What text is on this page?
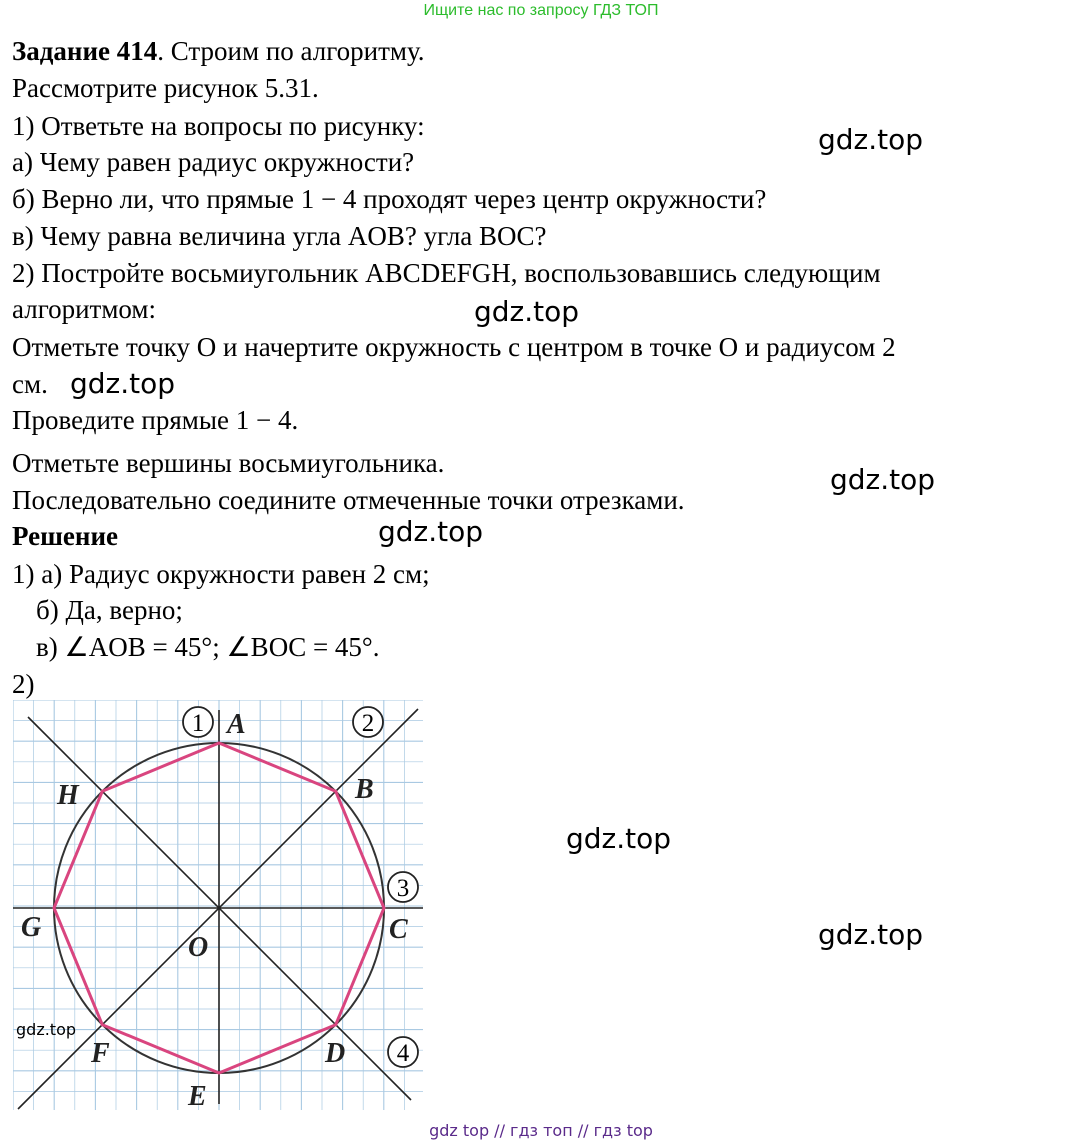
Ищите нас по запросу ГДЗ ТОП
Задание 414. Строим по алгоритму.
Рассмотрите рисунок 5.31.
1) Ответьте на вопросы по рисунку:
а) Чему равен радиус окружности?
б) Верно ли, что прямые 1 − 4 проходят через центр окружности?
в) Чему равна величина угла AOB? угла BOC?
2) Постройте восьмиугольник ABCDEFGH, воспользовавшись следующим
алгоритмом:
Отметьте точку O и начертите окружность с центром в точке O и радиусом 2
см.
Проведите прямые 1 − 4.
Отметьте вершины восьмиугольника.
Последовательно соедините отмеченные точки отрезками.
Решение
1) а) Радиус окружности равен 2 см;
б) Да, верно;
в) ∠AOB = 45°; ∠BOC = 45°.
2)
gdz.top
gdz.top
gdz.top
gdz.top
gdz.top
gdz.top
gdz.top
1	2
3
4
A
B
C
D
E
F
G
H
O
gdz.top
gdz top // гдз топ // гдз top
